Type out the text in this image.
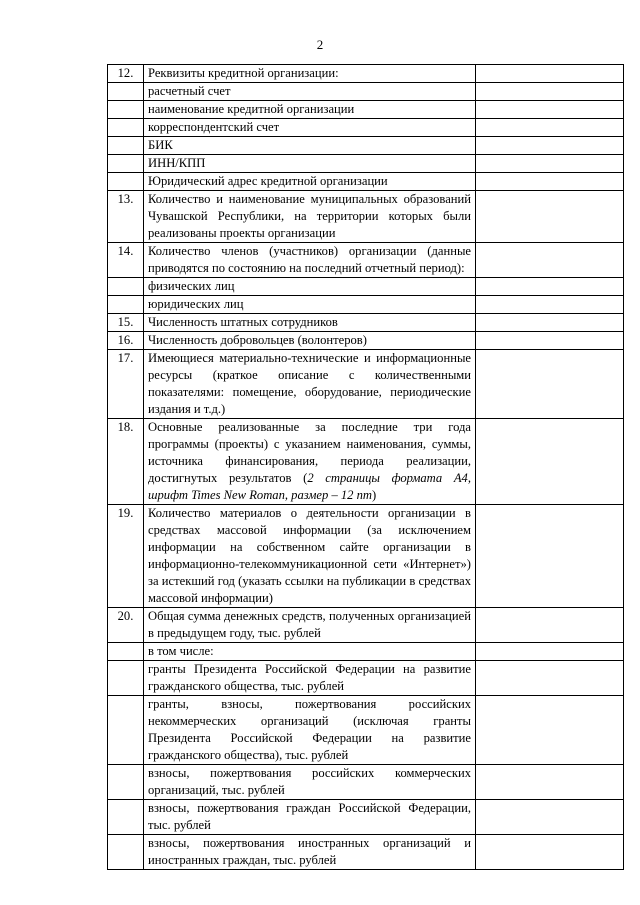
2
12.	Реквизиты кредитной организации:	
	расчетный счет	
	наименование кредитной организации	
	корреспондентский счет	
	БИК	
	ИНН/КПП	
	Юридический адрес кредитной организации	
13.	Количество и наименование муниципальных образований Чувашской Республики, на территории которых были реализованы проекты организации	
14.	Количество членов (участников) организации (данные приводятся по состоянию на последний отчетный период):	
	физических лиц	
	юридических лиц	
15.	Численность штатных сотрудников	
16.	Численность добровольцев (волонтеров)	
17.	Имеющиеся материально-технические и информационные ресурсы (краткое описание с количественными показателями: помещение, оборудование, периодические издания и т.д.)	
18.	Основные реализованные за последние три года программы (проекты) с указанием наименования, суммы, источника финансирования, периода реализации, достигнутых результатов (2 страницы формата А4, шрифт Times New Roman, размер – 12 пт)	
19.	Количество материалов о деятельности организации в средствах массовой информации (за исключением информации на собственном сайте организации в информационно-телекоммуникационной сети «Интернет») за истекший год (указать ссылки на публикации в средствах массовой информации)	
20.	Общая сумма денежных средств, полученных организацией в предыдущем году, тыс. рублей	
	в том числе:	
	гранты Президента Российской Федерации на развитие гражданского общества, тыс. рублей	
	гранты, взносы, пожертвования российских некоммерческих организаций (исключая гранты Президента Российской Федерации на развитие гражданского общества), тыс. рублей	
	взносы, пожертвования российских коммерческих организаций, тыс. рублей	
	взносы, пожертвования граждан Российской Федерации, тыс. рублей	
	взносы, пожертвования иностранных организаций и иностранных граждан, тыс. рублей	
